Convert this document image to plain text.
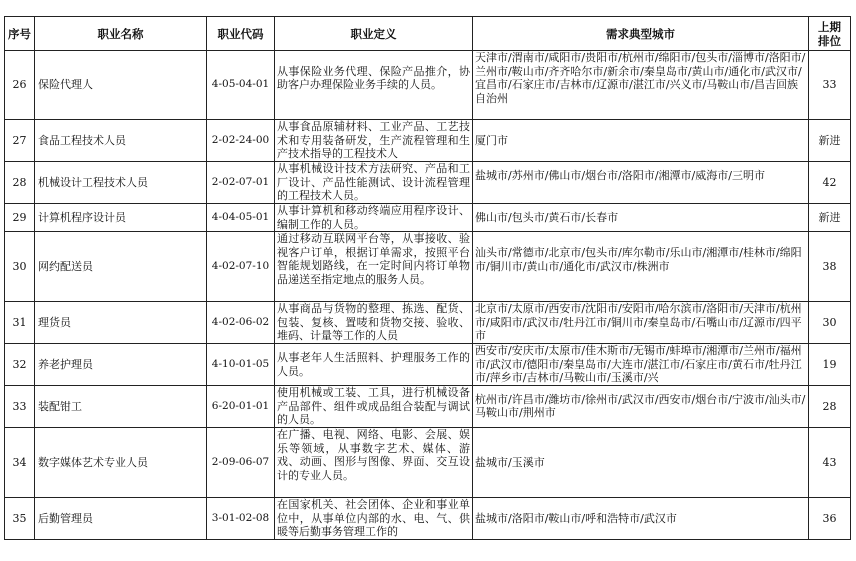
序号	职业名称	职业代码	职业定义	需求典型城市	上期
排位

26	保险代理人	4-05-04-01	从事保险业务代理、保险产品推介，协助客户办理保险业务手续的人员。	天津市/渭南市/咸阳市/贵阳市/杭州市/绵阳市/包头市/淄博市/洛阳市/兰州市/鞍山市/齐齐哈尔市/新余市/秦皇岛市/黄山市/通化市/武汉市/宜昌市/石家庄市/吉林市/辽源市/湛江市/兴义市/马鞍山市/昌吉回族自治州	33
27	食品工程技术人员	2-02-24-00	从事食品原辅材料、工业产品、工艺技术和专用装备研发，生产流程管理和生产技术指导的工程技术人	厦门市	新进
28	机械设计工程技术人员	2-02-07-01	从事机械设计技术方法研究、产品和工厂设计、产品性能测试、设计流程管理的工程技术人员。	盐城市/苏州市/佛山市/烟台市/洛阳市/湘潭市/威海市/三明市	42
29	计算机程序设计员	4-04-05-01	从事计算机和移动终端应用程序设计、编制工作的人员。	佛山市/包头市/黄石市/长春市	新进
30	网约配送员	4-02-07-10	通过移动互联网平台等，从事接收、验视客户订单，根据订单需求，按照平台智能规划路线，在一定时间内将订单物品递送至指定地点的服务人员。	汕头市/常德市/北京市/包头市/库尔勒市/乐山市/湘潭市/桂林市/绵阳市/铜川市/黄山市/通化市/武汉市/株洲市	38
31	理货员	4-02-06-02	从事商品与货物的整理、拣选、配货、包装、复核、置唛和货物交接、验收、堆码、计量等工作的人员	北京市/太原市/西安市/沈阳市/安阳市/哈尔滨市/洛阳市/天津市/杭州市/咸阳市/武汉市/牡丹江市/铜川市/秦皇岛市/石嘴山市/辽源市/四平市	30
32	养老护理员	4-10-01-05	从事老年人生活照料、护理服务工作的人员。	西安市/安庆市/太原市/佳木斯市/无锡市/蚌埠市/湘潭市/兰州市/福州市/武汉市/德阳市/秦皇岛市/大连市/湛江市/石家庄市/黄石市/牡丹江市/萍乡市/吉林市/马鞍山市/玉溪市/兴	19
33	装配钳工	6-20-01-01	使用机械或工装、工具，进行机械设备产品部件、组件或成品组合装配与调试的人员。	杭州市/许昌市/潍坊市/徐州市/武汉市/西安市/烟台市/宁波市/汕头市/马鞍山市/荆州市	28
34	数字媒体艺术专业人员	2-09-06-07	在广播、电视、网络、电影、会展、娱乐等领域，从事数字艺术、媒体、游戏、动画、图形与图像、界面、交互设计的专业人员。	盐城市/玉溪市	43
35	后勤管理员	3-01-02-08	在国家机关、社会团体、企业和事业单位中，从事单位内部的水、电、气、供暖等后勤事务管理工作的	盐城市/洛阳市/鞍山市/呼和浩特市/武汉市	36
